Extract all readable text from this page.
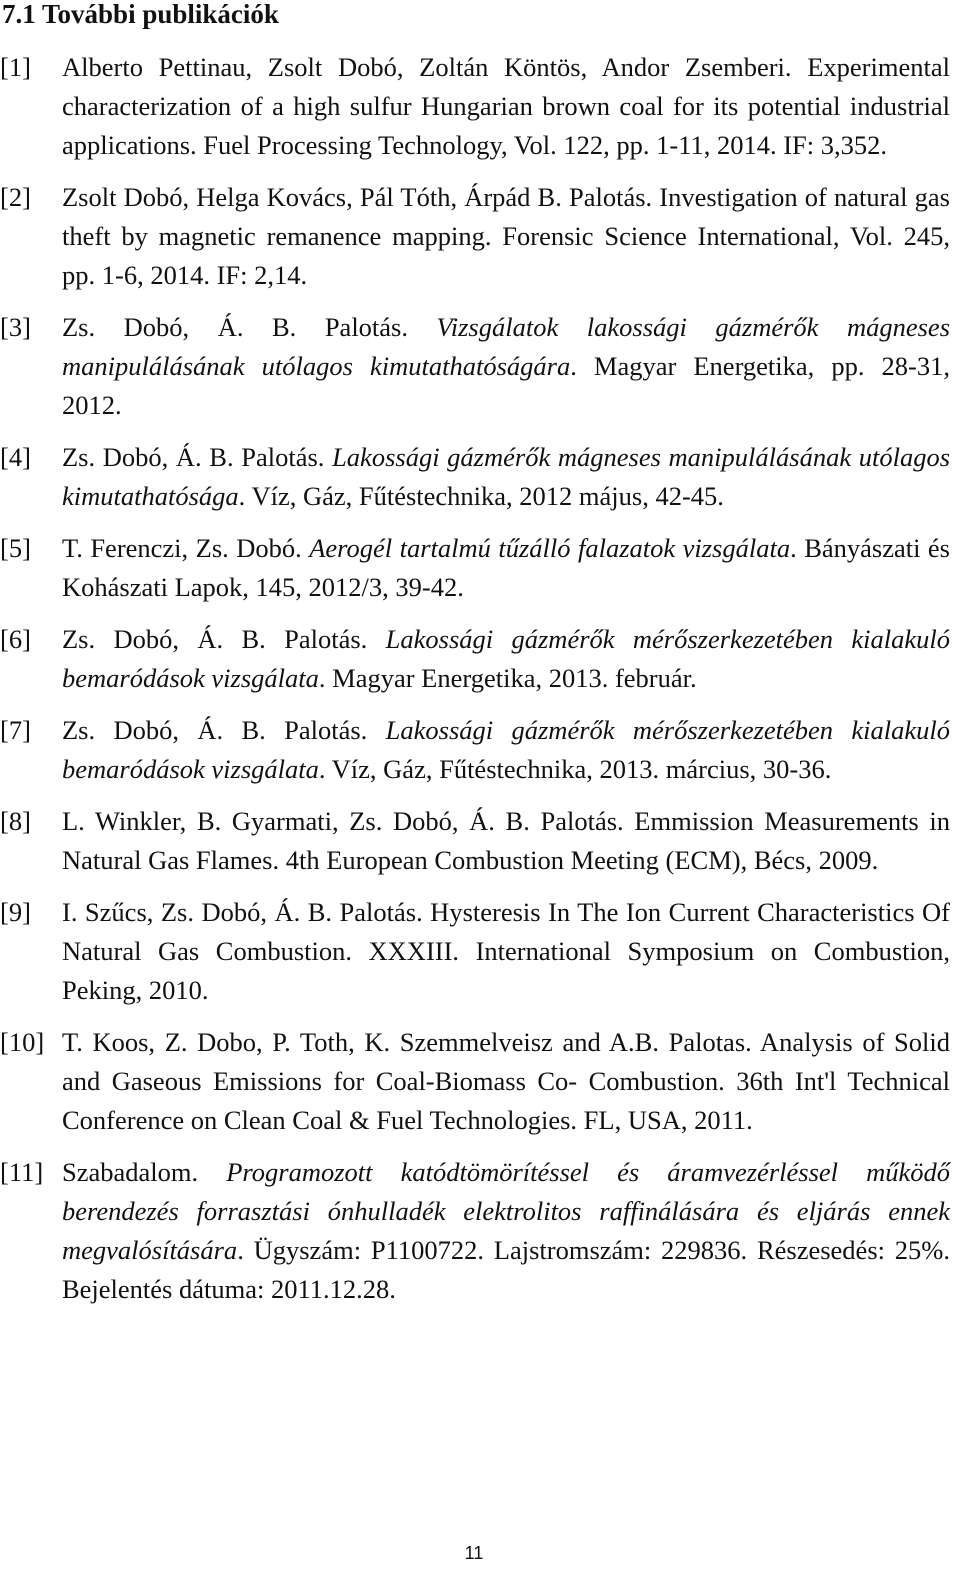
7.1 További publikációk
[1]	Alberto Pettinau, Zsolt Dobó, Zoltán Köntös, Andor Zsemberi. Experimental characterization of a high sulfur Hungarian brown coal for its potential industrial applications. Fuel Processing Technology, Vol. 122, pp. 1-11, 2014. IF: 3,352.
[2]	Zsolt Dobó, Helga Kovács, Pál Tóth, Árpád B. Palotás. Investigation of natural gas theft by magnetic remanence mapping. Forensic Science International, Vol. 245, pp. 1-6, 2014. IF: 2,14.
[3]	Zs. Dobó, Á. B. Palotás. Vizsgálatok lakossági gázmérők mágneses manipulálásának utólagos kimutathatóságára. Magyar Energetika, pp. 28-31, 2012.
[4]	Zs. Dobó, Á. B. Palotás. Lakossági gázmérők mágneses manipulálásának utólagos kimutathatósága. Víz, Gáz, Fűtéstechnika, 2012 május, 42-45.
[5]	T. Ferenczi, Zs. Dobó. Aerogél tartalmú tűzálló falazatok vizsgálata. Bányászati és Kohászati Lapok, 145, 2012/3, 39-42.
[6]	Zs. Dobó, Á. B. Palotás. Lakossági gázmérők mérőszerkezetében kialakuló bemaródások vizsgálata. Magyar Energetika, 2013. február.
[7]	Zs. Dobó, Á. B. Palotás. Lakossági gázmérők mérőszerkezetében kialakuló bemaródások vizsgálata. Víz, Gáz, Fűtéstechnika, 2013. március, 30-36.
[8]	L. Winkler, B. Gyarmati, Zs. Dobó, Á. B. Palotás. Emmission Measurements in Natural Gas Flames. 4th European Combustion Meeting (ECM), Bécs, 2009.
[9]	I. Szűcs, Zs. Dobó, Á. B. Palotás. Hysteresis In The Ion Current Characteristics Of Natural Gas Combustion. XXXIII. International Symposium on Combustion, Peking, 2010.
[10] T. Koos, Z. Dobo, P. Toth, K. Szemmelveisz and A.B. Palotas. Analysis of Solid and Gaseous Emissions for Coal-Biomass Co- Combustion. 36th Int'l Technical Conference on Clean Coal & Fuel Technologies. FL, USA, 2011.
[11] Szabadalom. Programozott katódtömörítéssel és áramvezérléssel működő berendezés forrasztási ónhulladék elektrolitos raffinálására és eljárás ennek megvalósítására. Ügyszám: P1100722. Lajstromszám: 229836. Részesedés: 25%. Bejelentés dátuma: 2011.12.28.
11
